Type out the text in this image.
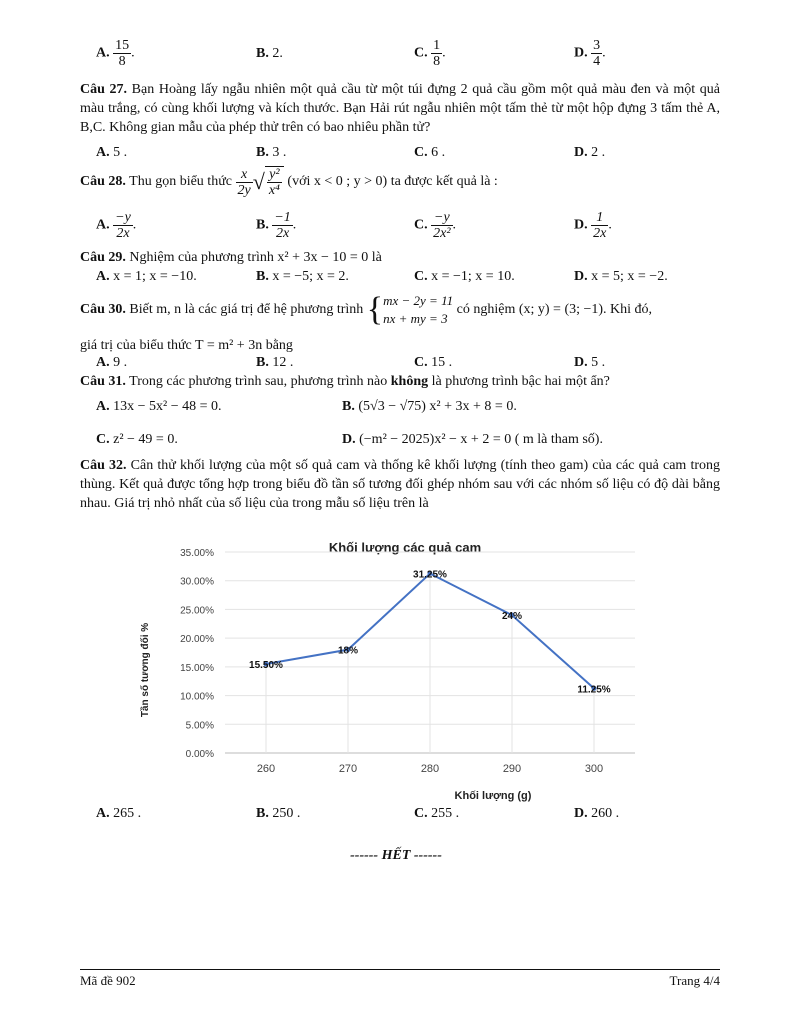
A. $\frac{15}{8}$ .	B. 2.	C. $\frac{1}{8}$ .	D. $\frac{3}{4}$ .
Câu 27. Bạn Hoàng lấy ngẫu nhiên một quả cầu từ một túi đựng 2 quả cầu gồm một quả màu đen và một quả màu trắng, có cùng khối lượng và kích thước. Bạn Hải rút ngẫu nhiên một tấm thẻ từ một hộp đựng 3 tấm thẻ A, B,C. Không gian mẫu của phép thử trên có bao nhiêu phần tử?
A. 5 .	B. 3 .	C. 6 .	D. 2 .
Câu 28. Thu gọn biểu thức $\frac{x}{2y}$ √ $\frac{\text{y²}}{\text{x⁴}}$ (với x < 0 ; y > 0) ta được kết quả là :
A. $\frac{-y}{2x}$ .	B. $\frac{-1}{2x}$ .	C. $\frac{-y}{\text{2x²}}$ .	D. $\frac{1}{2x}$ .
Câu 29. Nghiệm của phương trình x² + 3x − 10 = 0 là
A. x = 1; x = −10.	B. x = −5; x = 2.	C. x = −1; x = 10.	D. x = 5; x = −2.
Câu 30. Biết m, n là các giá trị để hệ phương trình {mx − 2y = 11
nx + my = 3 có nghiệm (x; y) = (3; −1). Khi đó,
giá trị của biểu thức T = m² + 3n bằng
A. 9 .	B. 12 .	C. 15 .	D. 5 .
Câu 31. Trong các phương trình sau, phương trình nào không là phương trình bậc hai một ẩn?
A. 13x − 5x² − 48 = 0.	B. (5√3 − √75) x² + 3x + 8 = 0.
C. z² − 49 = 0.	D. (−m² − 2025)x² − x + 2 = 0 ( m là tham số).
Câu 32. Cân thử khối lượng của một số quả cam và thống kê khối lượng (tính theo gam) của các quả cam trong thùng. Kết quả được tổng hợp trong biểu đồ tần số tương đối ghép nhóm sau với các nhóm số liệu có độ dài bằng nhau. Giá trị nhỏ nhất của số liệu của trong mẫu số liệu trên là
Khối lượng các quả cam
0.00%
5.00%
10.00%
15.00%
20.00%
25.00%
30.00%
35.00%
260	270	280	290	300
15.50%
18%
31.25%
24%
11.25%
Tần số tương đối %
Khối lượng (g)
A. 265 .	B. 250 .	C. 255 .	D. 260 .
------ HẾT ------
Mã đề 902	Trang 4/4
